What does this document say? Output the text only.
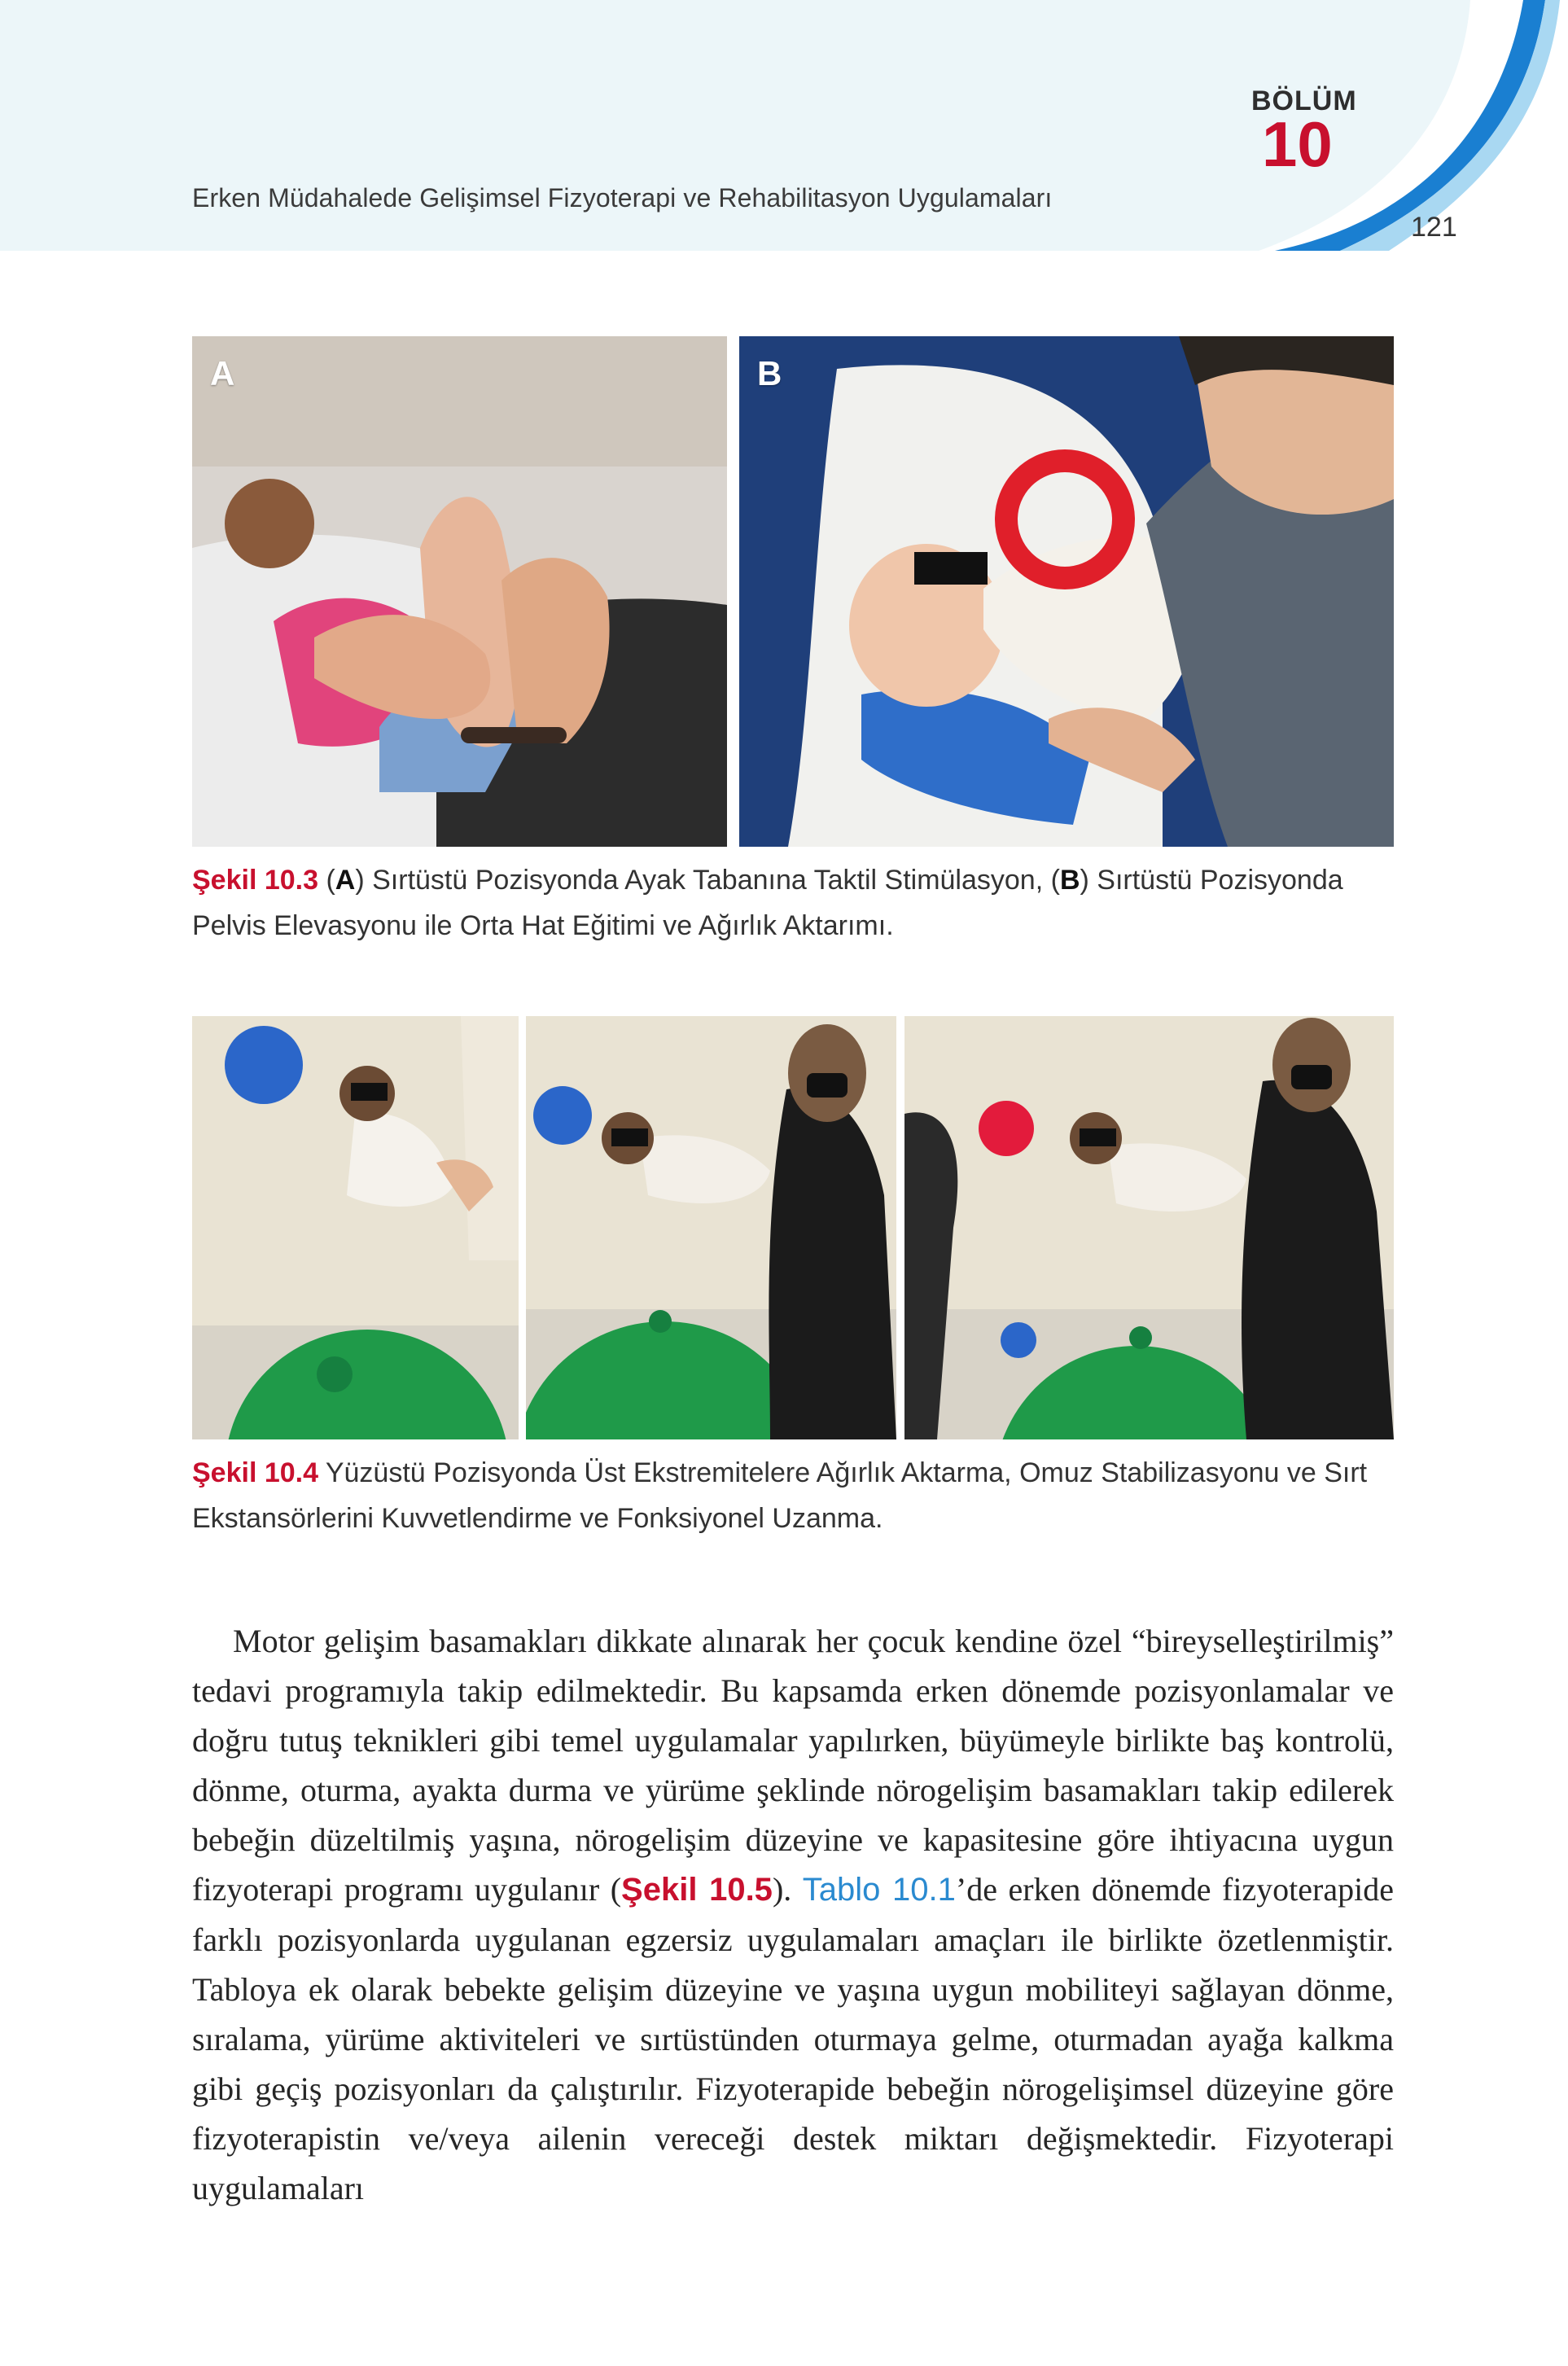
Erken Müdahalede Gelişimsel Fizyoterapi ve Rehabilitasyon Uygulamaları
BÖLÜM
10
121
A	B
Şekil 10.3 (A) Sırtüstü Pozisyonda Ayak Tabanına Taktil Stimülasyon, (B) Sırtüstü Pozisyonda Pelvis Elevasyonu ile Orta Hat Eğitimi ve Ağırlık Aktarımı.
Şekil 10.4 Yüzüstü Pozisyonda Üst Ekstremitelere Ağırlık Aktarma, Omuz Stabilizasyonu ve Sırt Ekstansörlerini Kuvvetlendirme ve Fonksiyonel Uzanma.
Motor gelişim basamakları dikkate alınarak her çocuk kendine özel “bireyselleştirilmiş” tedavi programıyla takip edilmektedir. Bu kapsamda erken dönemde pozisyonlamalar ve doğru tutuş teknikleri gibi temel uygulamalar yapılırken, büyümeyle birlikte baş kontrolü, dönme, oturma, ayakta durma ve yürüme şeklinde nörogelişim basamakları takip edilerek bebeğin düzeltilmiş yaşına, nörogelişim düzeyine ve kapasitesine göre ihtiyacına uygun fizyoterapi programı uygulanır (Şekil 10.5). Tablo 10.1’de erken dönemde fizyoterapide farklı pozisyonlarda uygulanan egzersiz uygulamaları amaçları ile birlikte özetlenmiştir. Tabloya ek olarak bebekte gelişim düzeyine ve yaşına uygun mobiliteyi sağlayan dönme, sıralama, yürüme aktiviteleri ve sırtüstünden oturmaya gelme, oturmadan ayağa kalkma gibi geçiş pozisyonları da çalıştırılır. Fizyoterapide bebeğin nörogelişimsel düzeyine göre fizyoterapistin ve/veya ailenin vereceği destek miktarı değişmektedir. Fizyoterapi uygulamaları
